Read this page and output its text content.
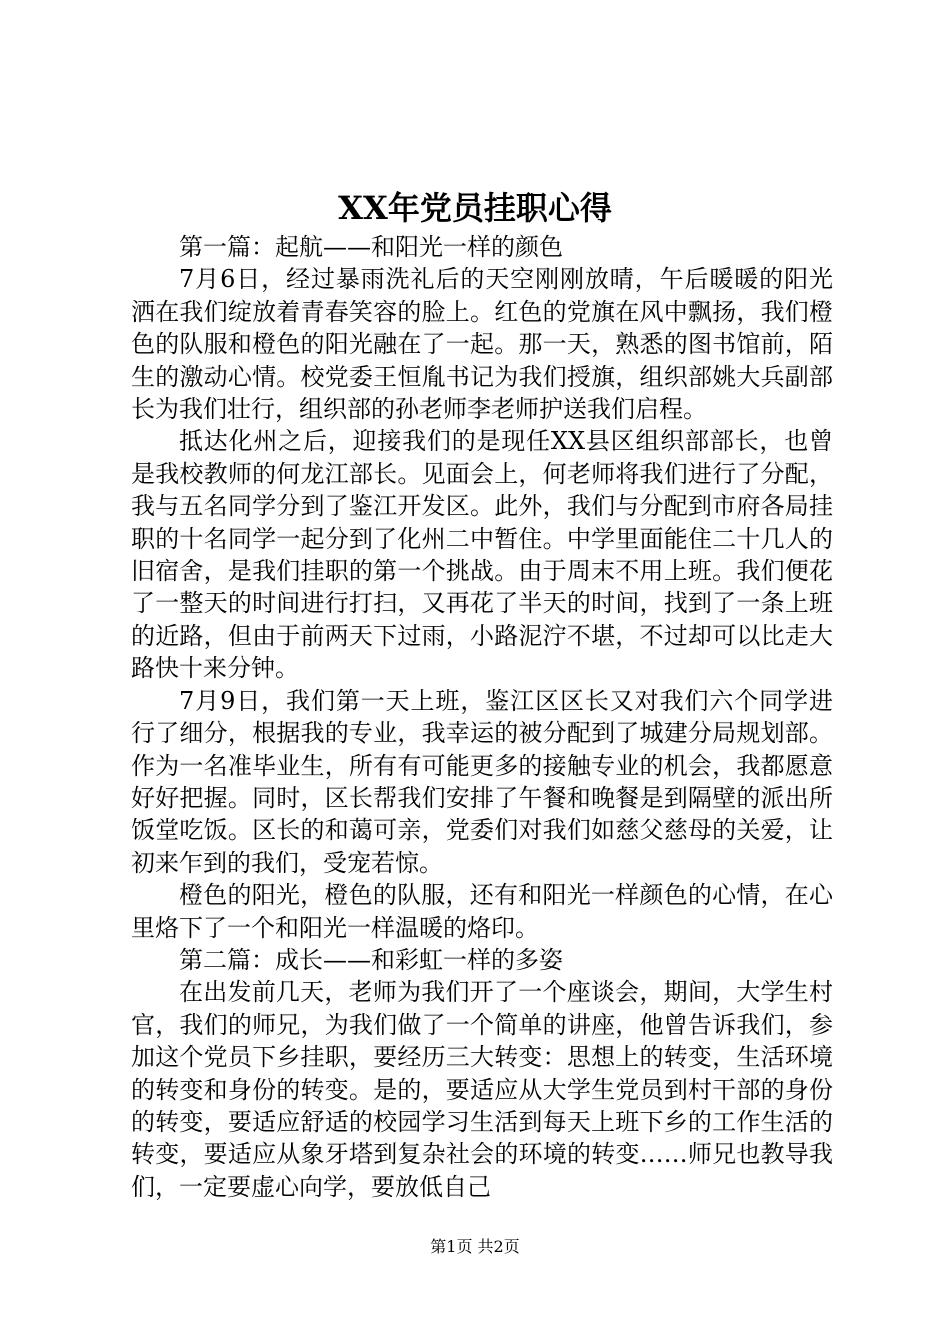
XX年党员挂职心得

第一篇：起航——和阳光一样的颜色

7月6日，经过暴雨洗礼后的天空刚刚放晴，午后暖暖的阳光洒在我们绽放着青春笑容的脸上。红色的党旗在风中飘扬，我们橙色的队服和橙色的阳光融在了一起。那一天，熟悉的图书馆前，陌生的激动心情。校党委王恒胤书记为我们授旗，组织部姚大兵副部长为我们壮行，组织部的孙老师李老师护送我们启程。

抵达化州之后，迎接我们的是现任XX县区组织部部长，也曾是我校教师的何龙江部长。见面会上，何老师将我们进行了分配，我与五名同学分到了鉴江开发区。此外，我们与分配到市府各局挂职的十名同学一起分到了化州二中暂住。中学里面能住二十几人的旧宿舍，是我们挂职的第一个挑战。由于周末不用上班。我们便花了一整天的时间进行打扫，又再花了半天的时间，找到了一条上班的近路，但由于前两天下过雨，小路泥泞不堪，不过却可以比走大路快十来分钟。

7月9日，我们第一天上班，鉴江区区长又对我们六个同学进行了细分，根据我的专业，我幸运的被分配到了城建分局规划部。作为一名准毕业生，所有有可能更多的接触专业的机会，我都愿意好好把握。同时，区长帮我们安排了午餐和晚餐是到隔壁的派出所饭堂吃饭。区长的和蔼可亲，党委们对我们如慈父慈母的关爱，让初来乍到的我们，受宠若惊。

橙色的阳光，橙色的队服，还有和阳光一样颜色的心情，在心里烙下了一个和阳光一样温暖的烙印。

第二篇：成长——和彩虹一样的多姿

在出发前几天，老师为我们开了一个座谈会，期间，大学生村官，我们的师兄，为我们做了一个简单的讲座，他曾告诉我们，参加这个党员下乡挂职，要经历三大转变：思想上的转变，生活环境的转变和身份的转变。是的，要适应从大学生党员到村干部的身份的转变，要适应舒适的校园学习生活到每天上班下乡的工作生活的转变，要适应从象牙塔到复杂社会的环境的转变……师兄也教导我们，一定要虚心向学，要放低自己

第1页 共2页
